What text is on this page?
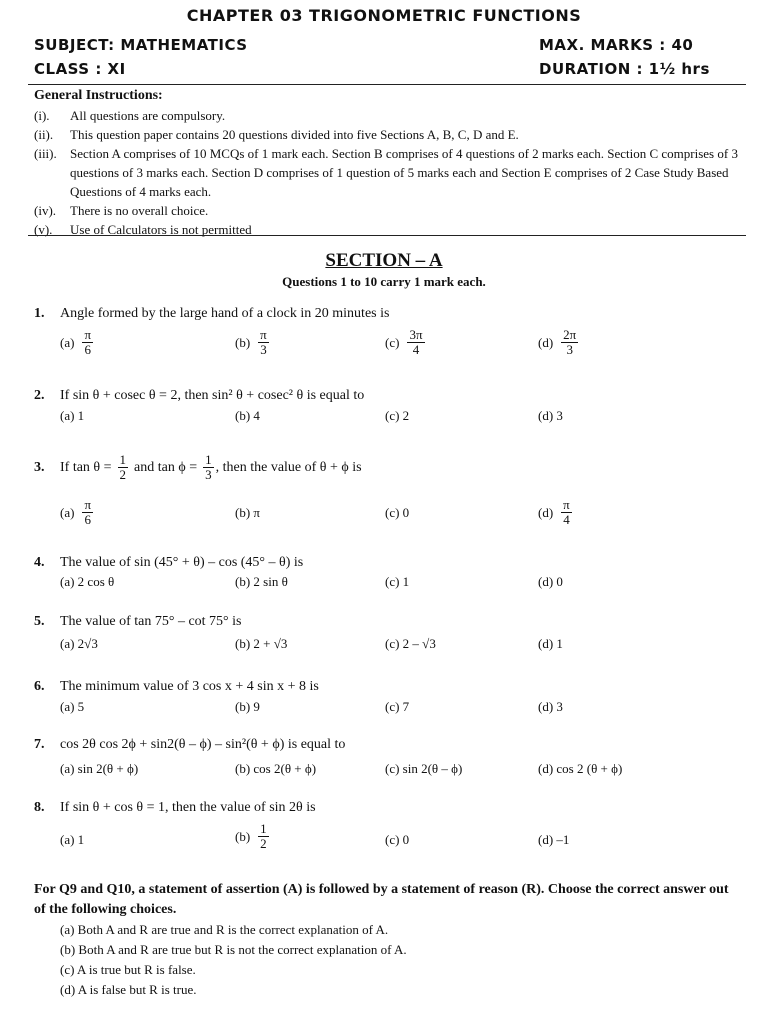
CHAPTER 03 TRIGONOMETRIC FUNCTIONS
SUBJECT: MATHEMATICS	MAX. MARKS : 40
CLASS : XI	DURATION : 1½ hrs
General Instructions:
(i).	All questions are compulsory.
(ii).	This question paper contains 20 questions divided into five Sections A, B, C, D and E.
(iii).	Section A comprises of 10 MCQs of 1 mark each. Section B comprises of 4 questions of 2 marks each. Section C comprises of 3 questions of 3 marks each. Section D comprises of 1 question of 5 marks each and Section E comprises of 2 Case Study Based Questions of 4 marks each.
(iv).	There is no overall choice.
(v).	Use of Calculators is not permitted
SECTION – A
Questions 1 to 10 carry 1 mark each.
1. Angle formed by the large hand of a clock in 20 minutes is
$(a) \frac{\pi}{6}$	$(b) \frac{\pi}{3}$	$(c) \frac{3\pi}{4}$	$(d) \frac{2\pi}{3}$
2. If sin θ + cosec θ = 2, then sin² θ + cosec² θ is equal to
(a) 1	(b) 4	(c) 2	(d) 3
3.	If $\tan \theta = \frac{1}{2}$ and $\tan \phi = \frac{1}{3}$ , then the value of θ + ϕ is
$(a) \frac{\pi}{6}$	(b) π	(c) 0	$(d) \frac{\pi}{4}$
4. The value of sin (45° + θ) – cos (45° – θ) is
(a) 2 cos θ	(b) 2 sin θ	(c) 1	(d) 0
5. The value of tan 75° – cot 75° is
(a) 2√3	(b) 2 + √3	(c) 2 – √3	(d) 1
6. The minimum value of 3 cos x + 4 sin x + 8 is
(a) 5	(b) 9	(c) 7	(d) 3
7. cos 2θ cos 2ϕ + sin2(θ – ϕ) – sin²(θ + ϕ) is equal to
(a) sin 2(θ + ϕ)	(b) cos 2(θ + ϕ)	(c) sin 2(θ – ϕ)	(d) cos 2 (θ + ϕ)
8. If sin θ + cos θ = 1, then the value of sin 2θ is
(a) 1	$(b) \frac{1}{2}$	(c) 0	(d) –1
For Q9 and Q10, a statement of assertion (A) is followed by a statement of reason (R). Choose the correct answer out of the following choices.
(a) Both A and R are true and R is the correct explanation of A.
(b) Both A and R are true but R is not the correct explanation of A.
(c) A is true but R is false.
(d) A is false but R is true.
